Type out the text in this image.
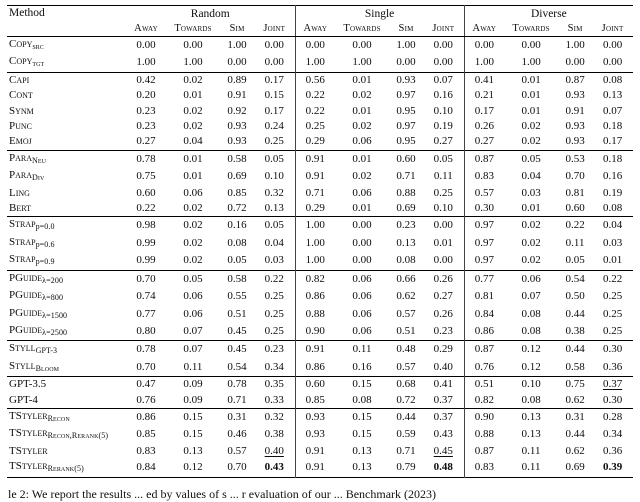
Method	Random				Single				Diverse			
	Away	Towards	Sim	Joint	Away	Towards	Sim	Joint	Away	Towards	Sim	Joint
Copysrc	0.00	0.00	1.00	0.00	0.00	0.00	1.00	0.00	0.00	0.00	1.00	0.00
Copytgt	1.00	1.00	0.00	0.00	1.00	1.00	0.00	0.00	1.00	1.00	0.00	0.00
Capi	0.42	0.02	0.89	0.17	0.56	0.01	0.93	0.07	0.41	0.01	0.87	0.08
Cont	0.20	0.01	0.91	0.15	0.22	0.02	0.97	0.16	0.21	0.01	0.93	0.13
Synm	0.23	0.02	0.92	0.17	0.22	0.01	0.95	0.10	0.17	0.01	0.91	0.07
Punc	0.23	0.02	0.93	0.24	0.25	0.02	0.97	0.19	0.26	0.02	0.93	0.18
Emoj	0.27	0.04	0.93	0.25	0.29	0.06	0.95	0.27	0.27	0.02	0.93	0.17
ParaNeu	0.78	0.01	0.58	0.05	0.91	0.01	0.60	0.05	0.87	0.05	0.53	0.18
ParaDiv	0.75	0.01	0.69	0.10	0.91	0.02	0.71	0.11	0.83	0.04	0.70	0.16
Ling	0.60	0.06	0.85	0.32	0.71	0.06	0.88	0.25	0.57	0.03	0.81	0.19
Bert	0.22	0.02	0.72	0.13	0.29	0.01	0.69	0.10	0.30	0.01	0.60	0.08
Strapp=0.0	0.98	0.02	0.16	0.05	1.00	0.00	0.23	0.00	0.97	0.02	0.22	0.04
Strapp=0.6	0.99	0.02	0.08	0.04	1.00	0.00	0.13	0.01	0.97	0.02	0.11	0.03
Strapp=0.9	0.99	0.02	0.05	0.03	1.00	0.00	0.08	0.00	0.97	0.02	0.05	0.01
PGuideλ=200	0.70	0.05	0.58	0.22	0.82	0.06	0.66	0.26	0.77	0.06	0.54	0.22
PGuideλ=800	0.74	0.06	0.55	0.25	0.86	0.06	0.62	0.27	0.81	0.07	0.50	0.25
PGuideλ=1500	0.77	0.06	0.51	0.25	0.88	0.06	0.57	0.26	0.84	0.08	0.44	0.25
PGuideλ=2500	0.80	0.07	0.45	0.25	0.90	0.06	0.51	0.23	0.86	0.08	0.38	0.25
StyllGPT-3	0.78	0.07	0.45	0.23	0.91	0.11	0.48	0.29	0.87	0.12	0.44	0.30
StyllBloom	0.70	0.11	0.54	0.34	0.86	0.16	0.57	0.40	0.76	0.12	0.58	0.36
GPT-3.5	0.47	0.09	0.78	0.35	0.60	0.15	0.68	0.41	0.51	0.10	0.75	0.37
GPT-4	0.76	0.09	0.71	0.33	0.85	0.08	0.72	0.37	0.82	0.08	0.62	0.30
TStylerRecon	0.86	0.15	0.31	0.32	0.93	0.15	0.44	0.37	0.90	0.13	0.31	0.28
TStylerRecon,Rerank(5)	0.85	0.15	0.46	0.38	0.93	0.15	0.59	0.43	0.88	0.13	0.44	0.34
TStyler	0.83	0.13	0.57	0.40	0.91	0.13	0.71	0.45	0.87	0.11	0.62	0.36
TStylerRerank(5)	0.84	0.12	0.70	0.43	0.91	0.13	0.79	0.48	0.83	0.11	0.69	0.39
le 2: We report the results ... ed by values of s ... r evaluation of our ... Benchmark (2023)
